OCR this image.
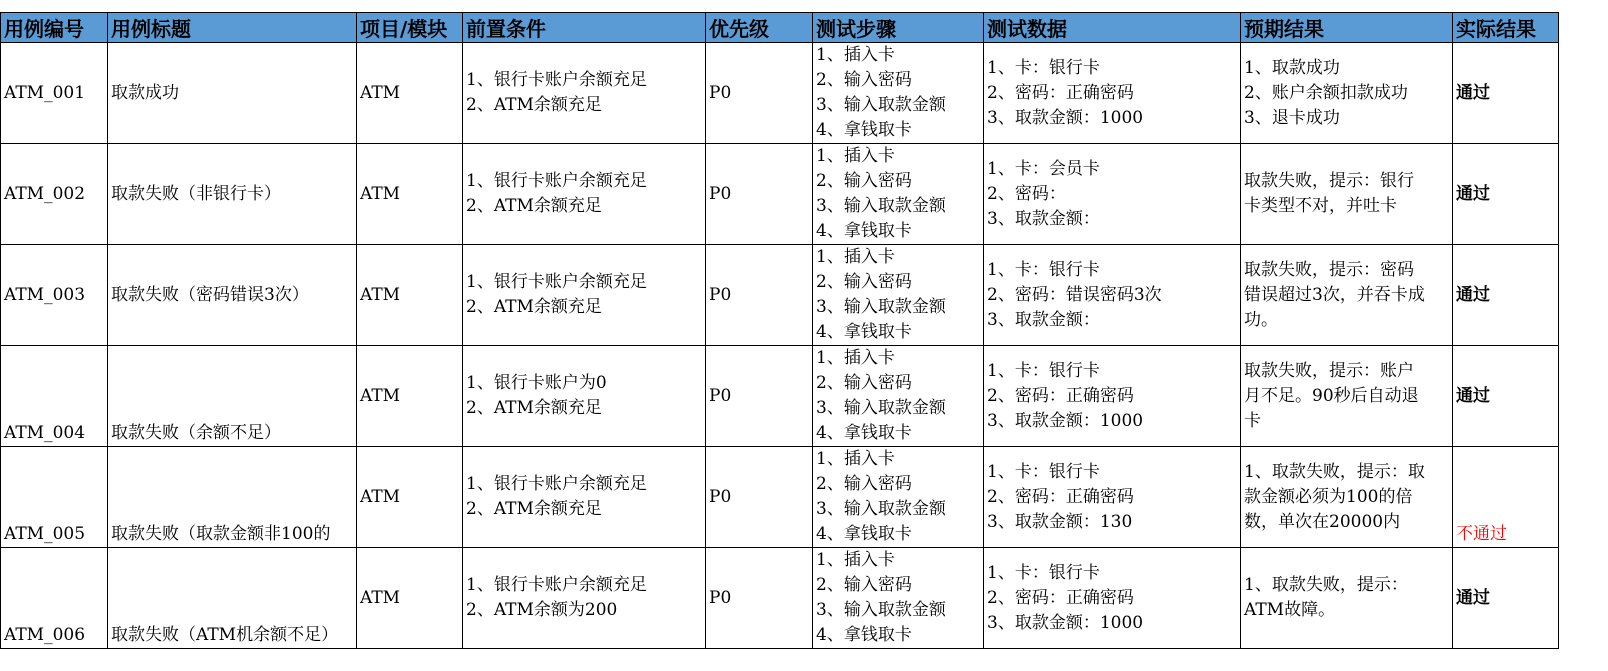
用例编号	用例标题	项目/模块	前置条件	优先级	测试步骤	测试数据	预期结果	实际结果
ATM_001	取款成功	ATM	1、银行卡账户余额充足
2、ATM余额充足	P0	1、插入卡
2、输入密码
3、输入取款金额
4、拿钱取卡	1、卡：银行卡
2、密码：正确密码
3、取款金额：1000	1、取款成功
2、账户余额扣款成功
3、退卡成功	通过
ATM_002	取款失败（非银行卡）	ATM	1、银行卡账户余额充足
2、ATM余额充足	P0	1、插入卡
2、输入密码
3、输入取款金额
4、拿钱取卡	1、卡：会员卡
2、密码：
3、取款金额：	取款失败，提示：银行
卡类型不对，并吐卡	通过
ATM_003	取款失败（密码错误3次）	ATM	1、银行卡账户余额充足
2、ATM余额充足	P0	1、插入卡
2、输入密码
3、输入取款金额
4、拿钱取卡	1、卡：银行卡
2、密码：错误密码3次
3、取款金额：	取款失败，提示：密码
错误超过3次，并吞卡成
功。	通过
ATM_004	取款失败（余额不足）	ATM	1、银行卡账户为0
2、ATM余额充足	P0	1、插入卡
2、输入密码
3、输入取款金额
4、拿钱取卡	1、卡：银行卡
2、密码：正确密码
3、取款金额：1000	取款失败，提示：账户
月不足。90秒后自动退
卡	通过
ATM_005	取款失败（取款金额非100的	ATM	1、银行卡账户余额充足
2、ATM余额充足	P0	1、插入卡
2、输入密码
3、输入取款金额
4、拿钱取卡	1、卡：银行卡
2、密码：正确密码
3、取款金额：130	1、取款失败，提示：取
款金额必须为100的倍
数，单次在20000内	不通过
ATM_006	取款失败（ATM机余额不足）	ATM	1、银行卡账户余额充足
2、ATM余额为200	P0	1、插入卡
2、输入密码
3、输入取款金额
4、拿钱取卡	1、卡：银行卡
2、密码：正确密码
3、取款金额：1000	1、取款失败，提示：
ATM故障。	通过
